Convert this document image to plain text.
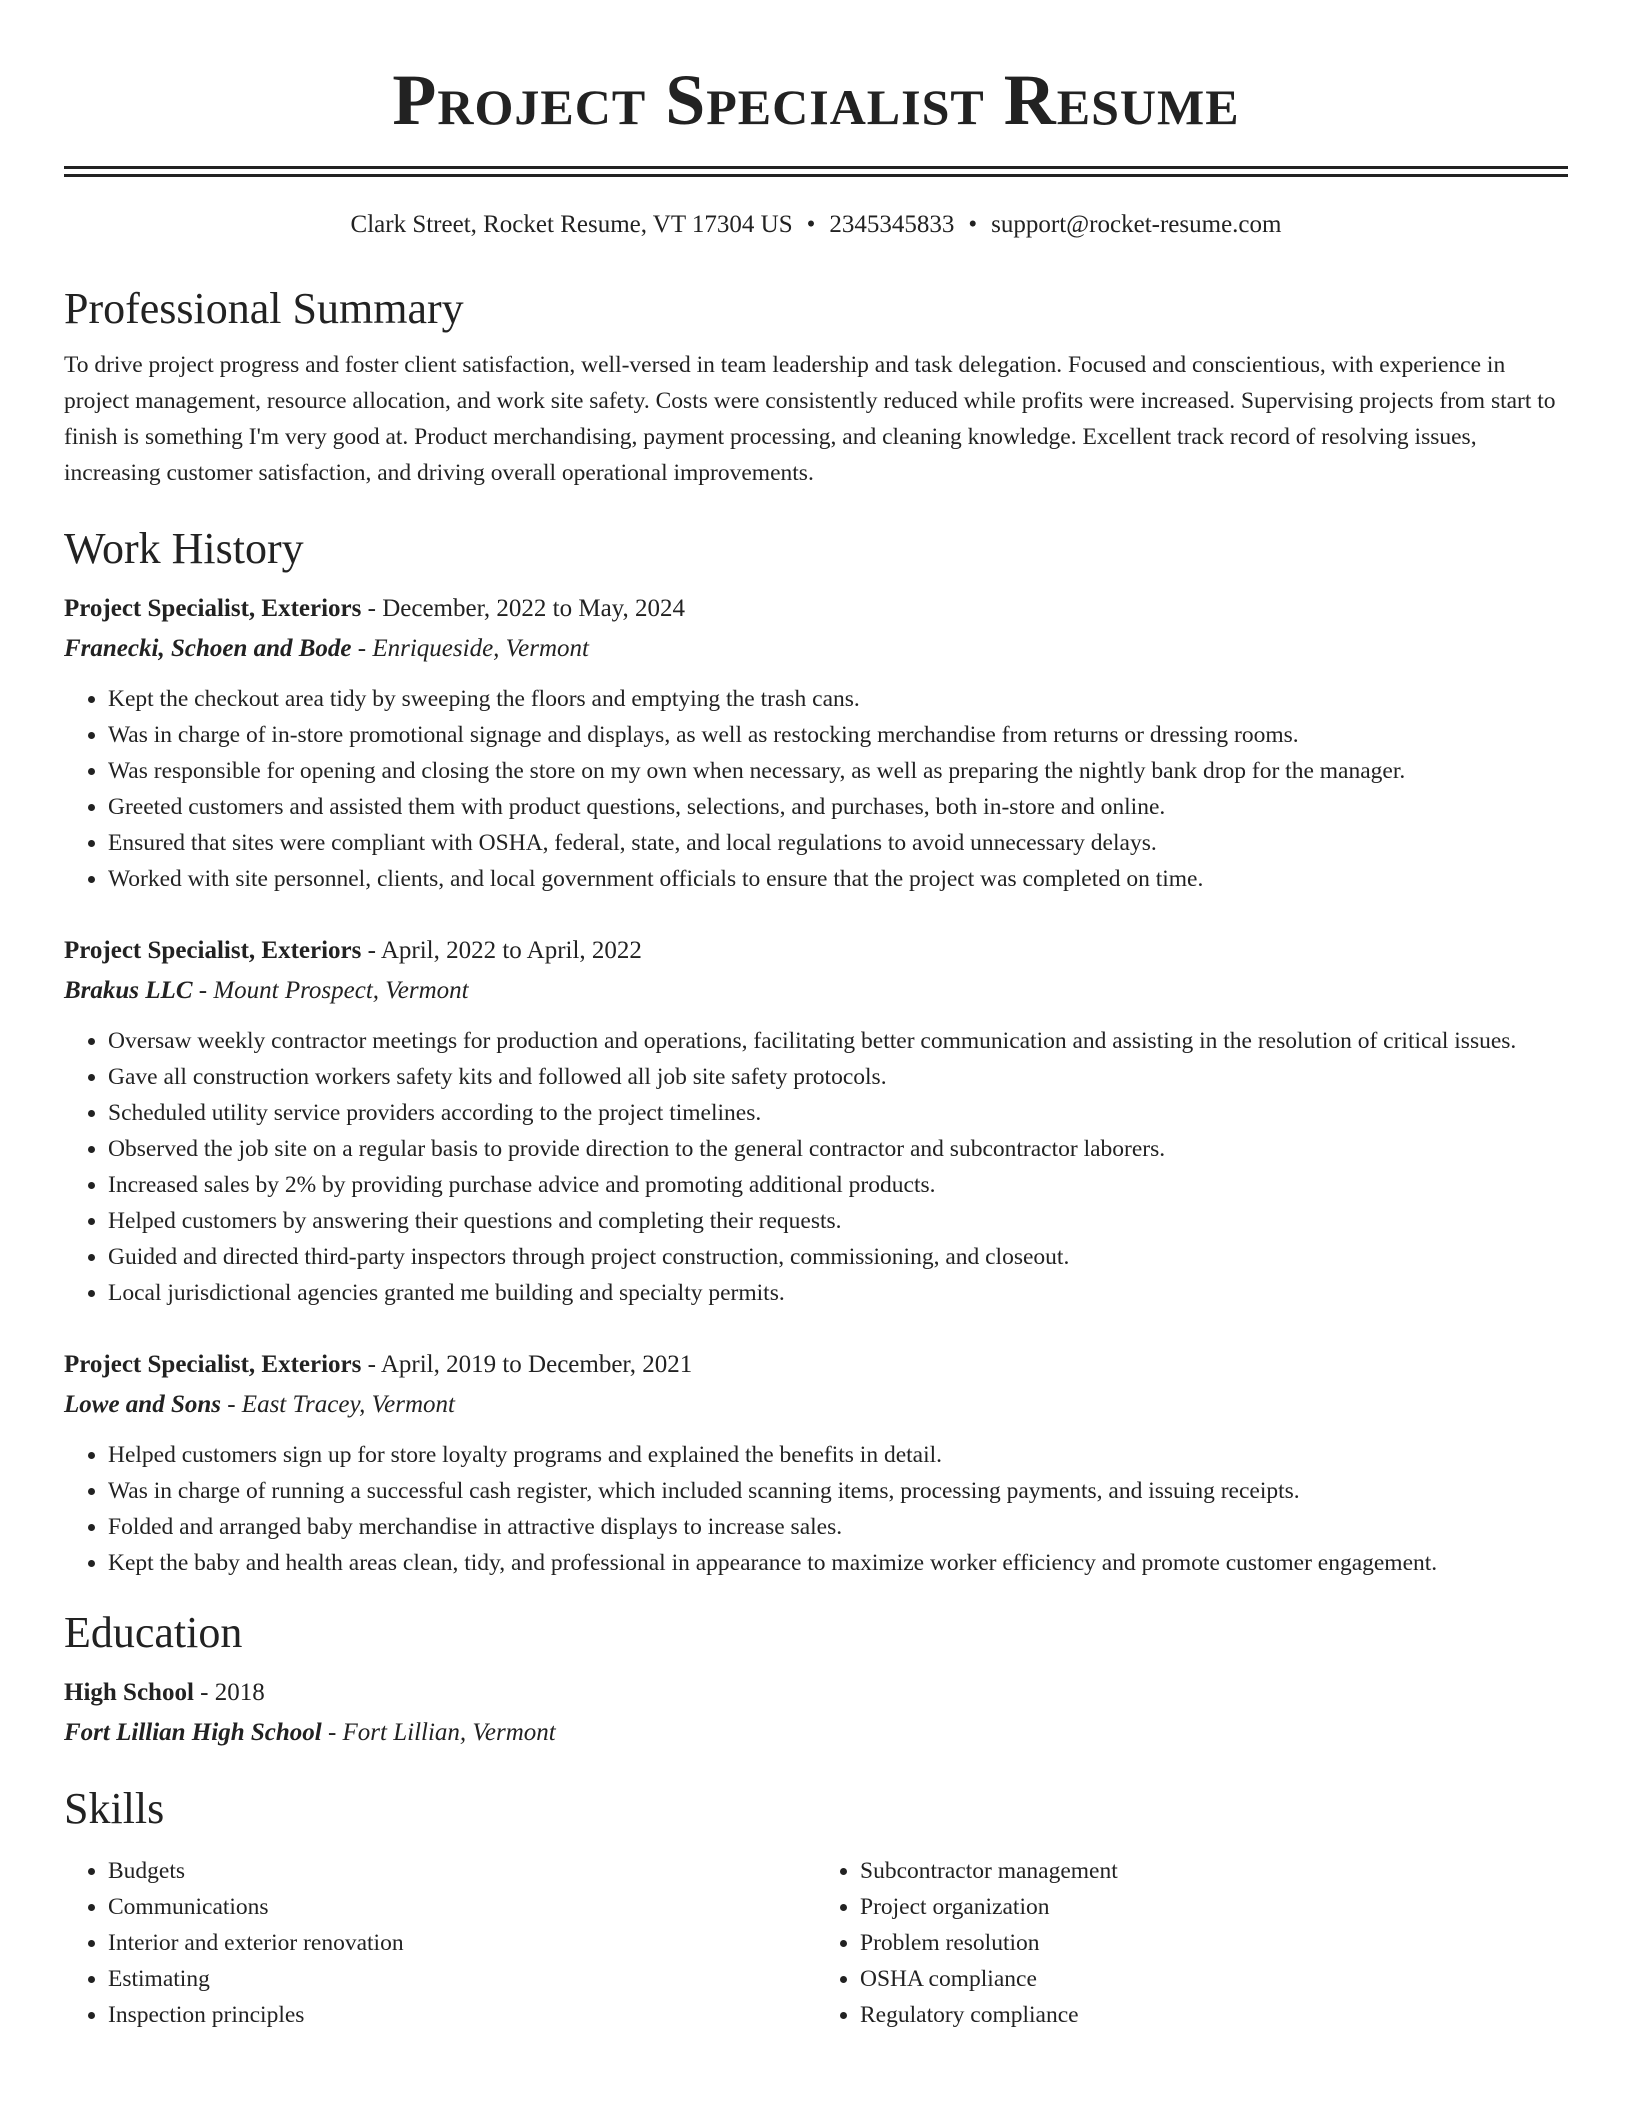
Project Specialist Resume
Clark Street, Rocket Resume, VT 17304 US • 2345345833 • support@rocket-resume.com
Professional Summary

To drive project progress and foster client satisfaction, well-versed in team leadership and task delegation. Focused and conscientious, with experience in project management, resource allocation, and work site safety. Costs were consistently reduced while profits were increased. Supervising projects from start to finish is something I'm very good at. Product merchandising, payment processing, and cleaning knowledge. Excellent track record of resolving issues, increasing customer satisfaction, and driving overall operational improvements.

Work History
Project Specialist, Exteriors - December, 2022 to May, 2024
Franecki, Schoen and Bode - Enriqueside, Vermont
• Kept the checkout area tidy by sweeping the floors and emptying the trash cans.
• Was in charge of in-store promotional signage and displays, as well as restocking merchandise from returns or dressing rooms.
• Was responsible for opening and closing the store on my own when necessary, as well as preparing the nightly bank drop for the manager.
• Greeted customers and assisted them with product questions, selections, and purchases, both in-store and online.
• Ensured that sites were compliant with OSHA, federal, state, and local regulations to avoid unnecessary delays.
• Worked with site personnel, clients, and local government officials to ensure that the project was completed on time.
Project Specialist, Exteriors - April, 2022 to April, 2022
Brakus LLC - Mount Prospect, Vermont
• Oversaw weekly contractor meetings for production and operations, facilitating better communication and assisting in the resolution of critical issues.
• Gave all construction workers safety kits and followed all job site safety protocols.
• Scheduled utility service providers according to the project timelines.
• Observed the job site on a regular basis to provide direction to the general contractor and subcontractor laborers.
• Increased sales by 2% by providing purchase advice and promoting additional products.
• Helped customers by answering their questions and completing their requests.
• Guided and directed third-party inspectors through project construction, commissioning, and closeout.
• Local jurisdictional agencies granted me building and specialty permits.
Project Specialist, Exteriors - April, 2019 to December, 2021
Lowe and Sons - East Tracey, Vermont
• Helped customers sign up for store loyalty programs and explained the benefits in detail.
• Was in charge of running a successful cash register, which included scanning items, processing payments, and issuing receipts.
• Folded and arranged baby merchandise in attractive displays to increase sales.
• Kept the baby and health areas clean, tidy, and professional in appearance to maximize worker efficiency and promote customer engagement.
Education
High School - 2018
Fort Lillian High School - Fort Lillian, Vermont
Skills
• Budgets
• Communications
• Interior and exterior renovation
• Estimating
• Inspection principles
• Subcontractor management
• Project organization
• Problem resolution
• OSHA compliance
• Regulatory compliance
